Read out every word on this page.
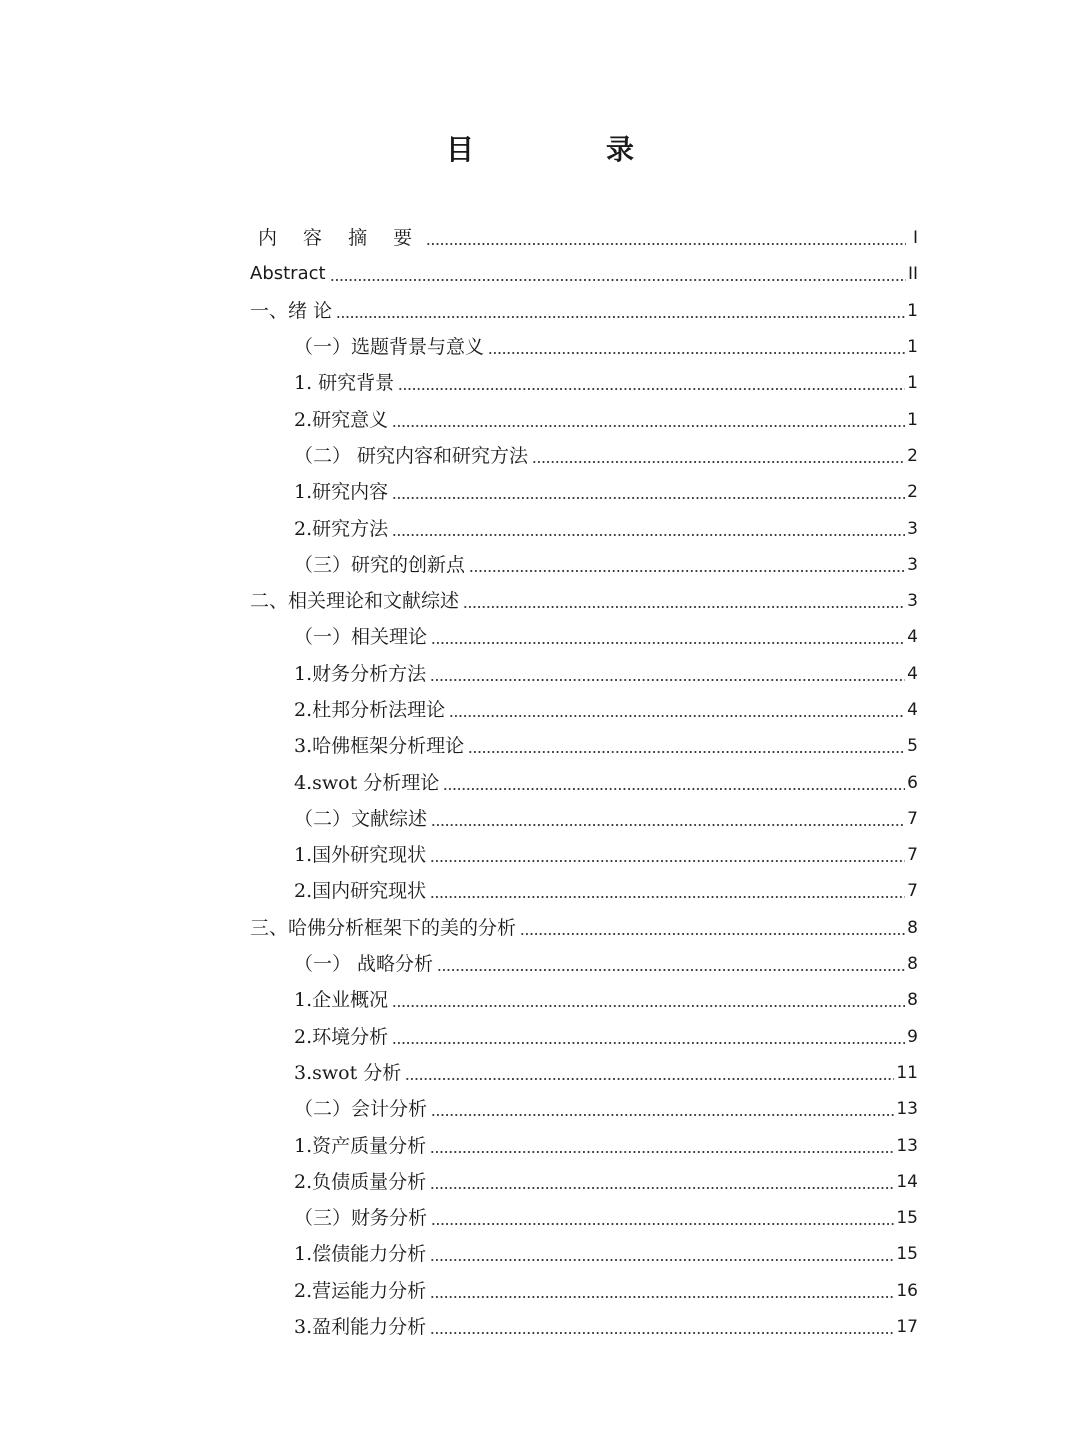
目　录
内 容 摘 要	I
Abstract	II
一、绪 论	1
（一）选题背景与意义	1
1. 研究背景	1
2.研究意义	1
（二） 研究内容和研究方法	2
1.研究内容	2
2.研究方法	3
（三）研究的创新点	3
二、相关理论和文献综述	3
（一）相关理论	4
1.财务分析方法	4
2.杜邦分析法理论	4
3.哈佛框架分析理论	5
4.swot 分析理论	6
（二）文献综述	7
1.国外研究现状	7
2.国内研究现状	7
三、哈佛分析框架下的美的分析	8
（一） 战略分析	8
1.企业概况	8
2.环境分析	9
3.swot 分析	11
（二）会计分析	13
1.资产质量分析	13
2.负债质量分析	14
（三）财务分析	15
1.偿债能力分析	15
2.营运能力分析	16
3.盈利能力分析	17
